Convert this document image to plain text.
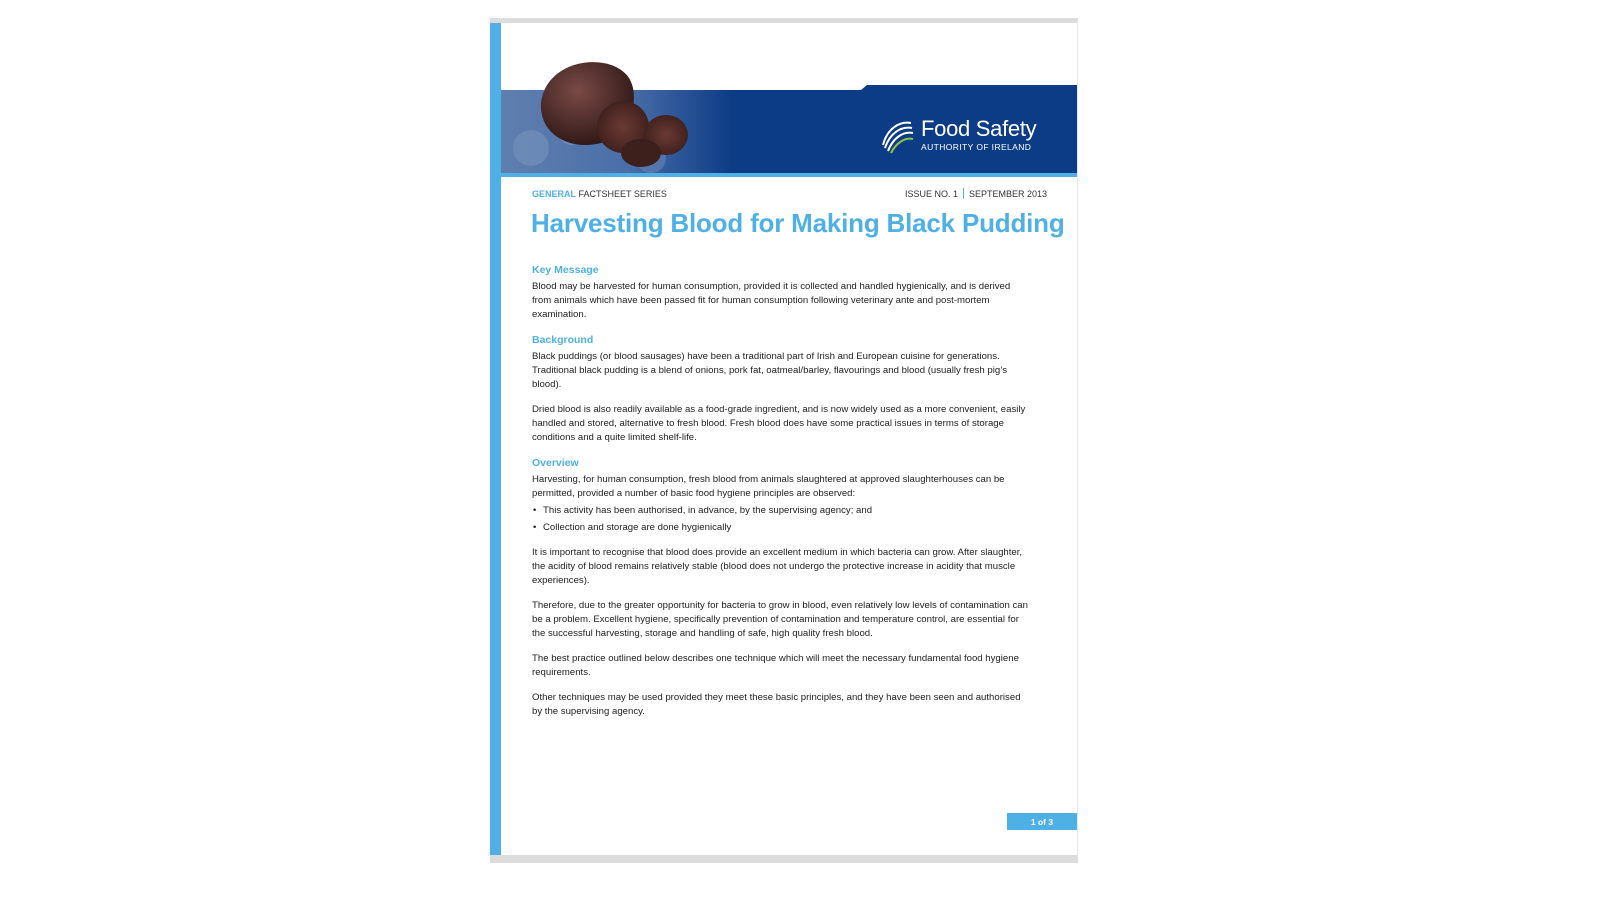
Food Safety
AUTHORITY OF IRELAND
GENERAL FACTSHEET SERIES	ISSUE NO. 1 SEPTEMBER 2013
Harvesting Blood for Making Black Pudding
Key Message

Blood may be harvested for human consumption, provided it is collected and handled hygienically, and is derived from animals which have been passed fit for human consumption following veterinary ante and post-mortem examination.

Background

Black puddings (or blood sausages) have been a traditional part of Irish and European cuisine for generations. Traditional black pudding is a blend of onions, pork fat, oatmeal/barley, flavourings and blood (usually fresh pig’s blood).

Dried blood is also readily available as a food-grade ingredient, and is now widely used as a more convenient, easily handled and stored, alternative to fresh blood. Fresh blood does have some practical issues in terms of storage conditions and a quite limited shelf-life.

Overview

Harvesting, for human consumption, fresh blood from animals slaughtered at approved slaughterhouses can be permitted, provided a number of basic food hygiene principles are observed:

• This activity has been authorised, in advance, by the supervising agency; and
• Collection and storage are done hygienically

It is important to recognise that blood does provide an excellent medium in which bacteria can grow. After slaughter, the acidity of blood remains relatively stable (blood does not undergo the protective increase in acidity that muscle experiences).

Therefore, due to the greater opportunity for bacteria to grow in blood, even relatively low levels of contamination can be a problem. Excellent hygiene, specifically prevention of contamination and temperature control, are essential for the successful harvesting, storage and handling of safe, high quality fresh blood.

The best practice outlined below describes one technique which will meet the necessary fundamental food hygiene requirements.

Other techniques may be used provided they meet these basic principles, and they have been seen and authorised by the supervising agency.

1 of 3
